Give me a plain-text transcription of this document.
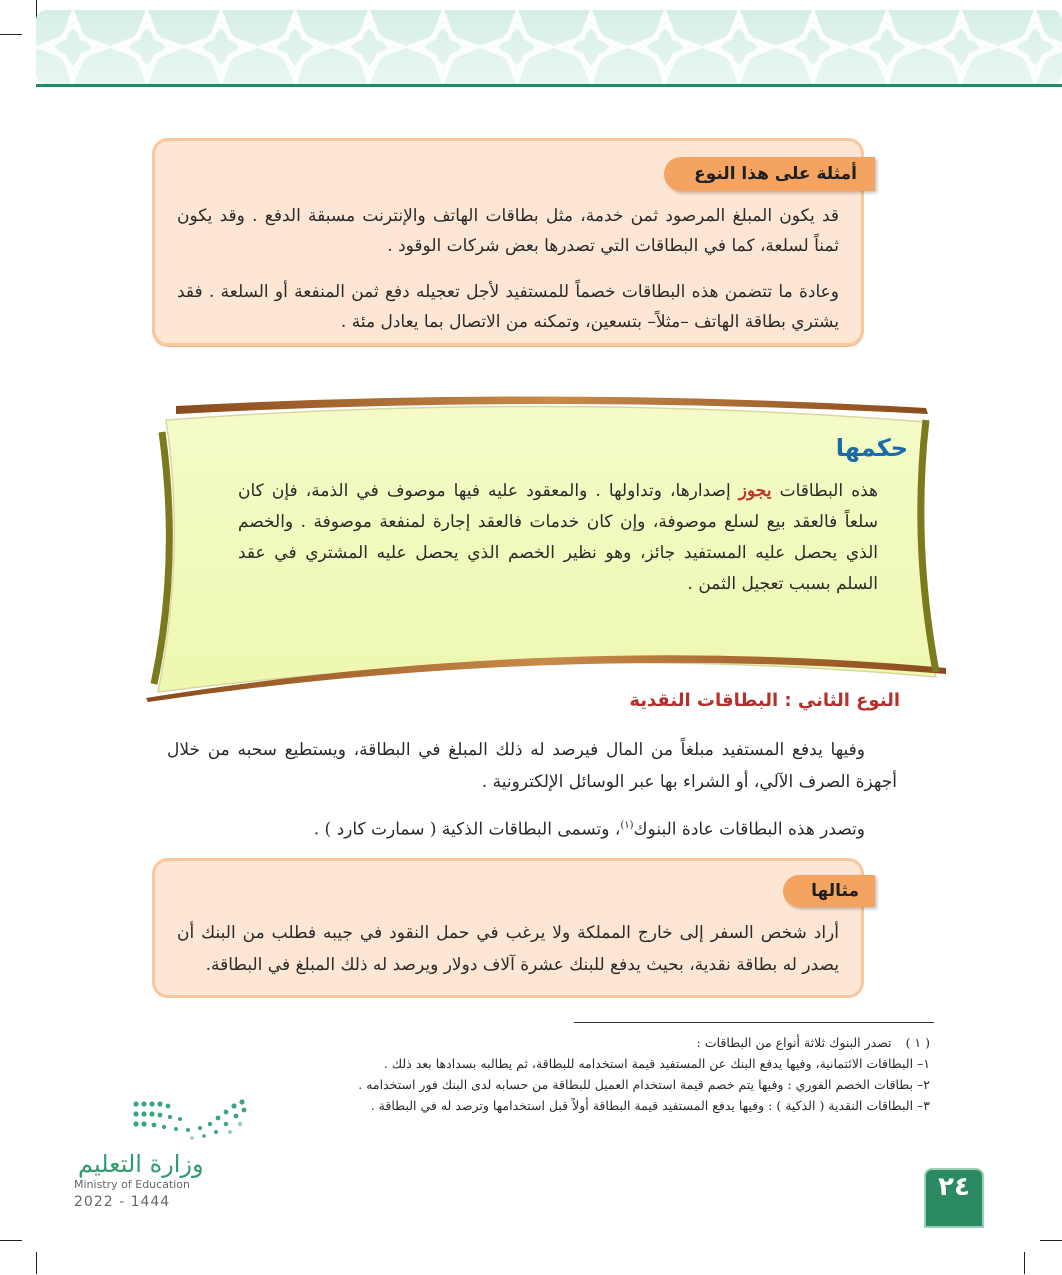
أمثلة على هذا النوع
قد يكون المبلغ المرصود ثمن خدمة، مثل بطاقات الهاتف والإنترنت مسبقة الدفع . وقد يكون ثمناً لسلعة، كما في البطاقات التي تصدرها بعض شركات الوقود .
وعادة ما تتضمن هذه البطاقات خصماً للمستفيد لأجل تعجيله دفع ثمن المنفعة أو السلعة . فقد يشتري بطاقة الهاتف –مثلاً– بتسعين، وتمكنه من الاتصال بما يعادل مئة .
حكمها
هذه البطاقات يجوز إصدارها، وتداولها . والمعقود عليه فيها موصوف في الذمة، فإن كان سلعاً فالعقد بيع لسلع موصوفة، وإن كان خدمات فالعقد إجارة لمنفعة موصوفة . والخصم الذي يحصل عليه المستفيد جائز، وهو نظير الخصم الذي يحصل عليه المشتري في عقد السلم بسبب تعجيل الثمن .
النوع الثاني : البطاقات النقدية
وفيها يدفع المستفيد مبلغاً من المال فيرصد له ذلك المبلغ في البطاقة، ويستطيع سحبه من خلال أجهزة الصرف الآلي، أو الشراء بها عبر الوسائل الإلكترونية .
وتصدر هذه البطاقات عادة البنوك$^{(١)}$، وتسمى البطاقات الذكية ( سمارت كارد ) .
مثالها
أراد شخص السفر إلى خارج المملكة ولا يرغب في حمل النقود في جيبه فطلب من البنك أن يصدر له بطاقة نقدية، بحيث يدفع للبنك عشرة آلاف دولار ويرصد له ذلك المبلغ في البطاقة.
( ١ )تصدر البنوك ثلاثة أنواع من البطاقات :
١– البطاقات الائتمانية، وفيها يدفع البنك عن المستفيد قيمة استخدامه للبطاقة، ثم يطالبه بسدادها بعد ذلك .
٢– بطاقات الخصم الفوري : وفيها يتم خصم قيمة استخدام العميل للبطاقة من حسابه لدى البنك فور استخدامه .
٣– البطاقات النقدية ( الذكية ) : وفيها يدفع المستفيد قيمة البطاقة أولاً قبل استخدامها وترصد له في البطاقة .
وزارة التعليم
Ministry of Education
2022 - 1444	٢٤
